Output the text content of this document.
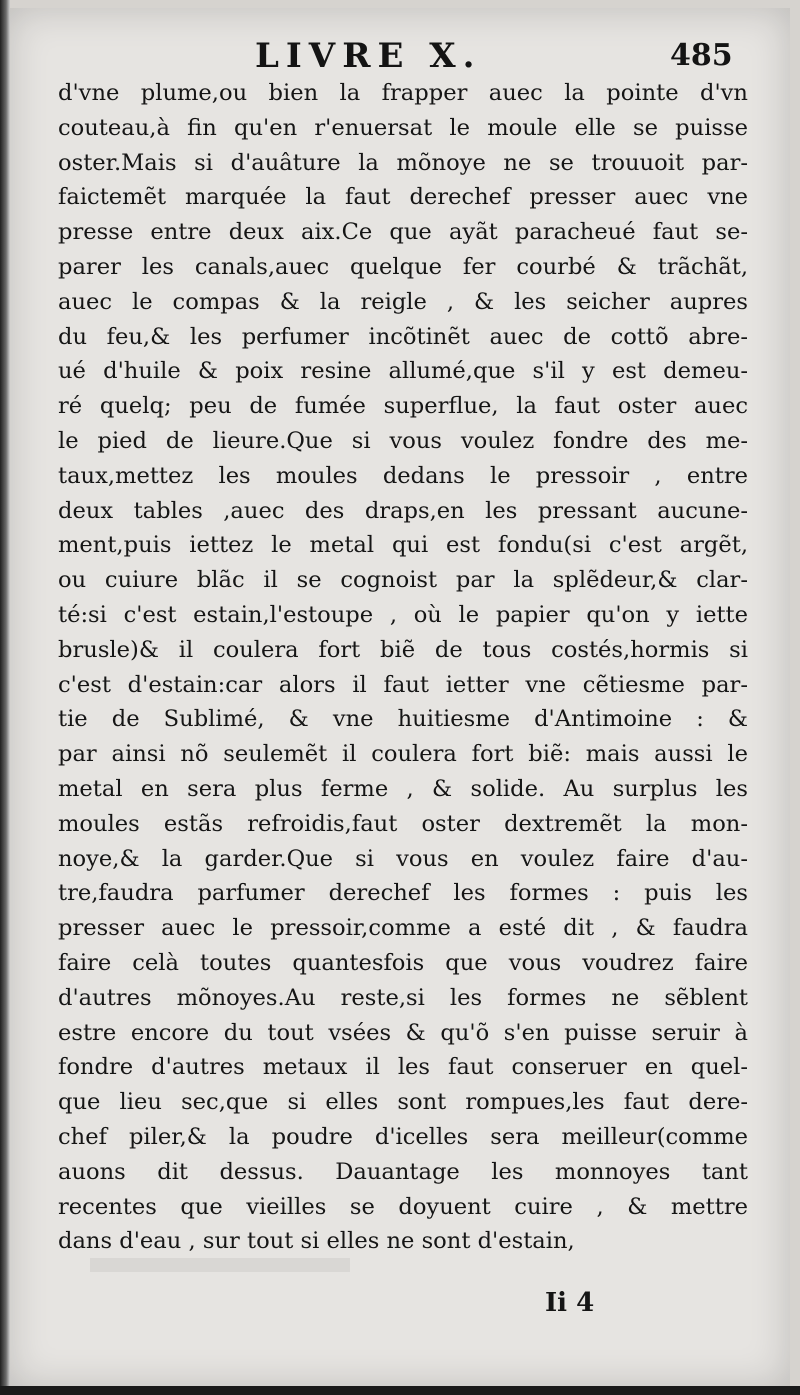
LIVRE X.	485
d'vne plume,ou bien la frapper auec la pointe d'vn
couteau,à fin qu'en r'enuersat le moule elle se puisse
oster.Mais si d'auâture la mõnoye ne se trouuoit par-
faictemẽt marquée la faut derechef presser auec vne
presse entre deux aix.Ce que ayãt paracheué faut se-
parer les canals,auec quelque fer courbé & trãchãt,
auec le compas & la reigle , & les seicher aupres
du feu,& les perfumer incõtinẽt auec de cottõ abre-
ué d'huile & poix resine allumé,que s'il y est demeu-
ré quelq; peu de fumée superflue, la faut oster auec
le pied de lieure.Que si vous voulez fondre des me-
taux,mettez les moules dedans le pressoir , entre
deux tables ,auec des draps,en les pressant aucune-
ment,puis iettez le metal qui est fondu(si c'est argẽt,
ou cuiure blãc il se cognoist par la splẽdeur,& clar-
té:si c'est estain,l'estoupe , où le papier qu'on y iette
brusle)& il coulera fort biẽ de tous costés,hormis si
c'est d'estain:car alors il faut ietter vne cẽtiesme par-
tie de Sublimé, & vne huitiesme d'Antimoine : &
par ainsi nõ seulemẽt il coulera fort biẽ: mais aussi le
metal en sera plus ferme , & solide. Au surplus les
moules estãs refroidis,faut oster dextremẽt la mon-
noye,& la garder.Que si vous en voulez faire d'au-
tre,faudra parfumer derechef les formes : puis les
presser auec le pressoir,comme a esté dit , & faudra
faire celà toutes quantesfois que vous voudrez faire
d'autres mõnoyes.Au reste,si les formes ne sẽblent
estre encore du tout vsées & qu'õ s'en puisse seruir à
fondre d'autres metaux il les faut conseruer en quel-
que lieu sec,que si elles sont rompues,les faut dere-
chef piler,& la poudre d'icelles sera meilleur(comme
auons dit dessus. Dauantage les monnoyes tant
recentes que vieilles se doyuent cuire , & mettre
dans d'eau , sur tout si elles ne sont d'estain,
Ii 4
